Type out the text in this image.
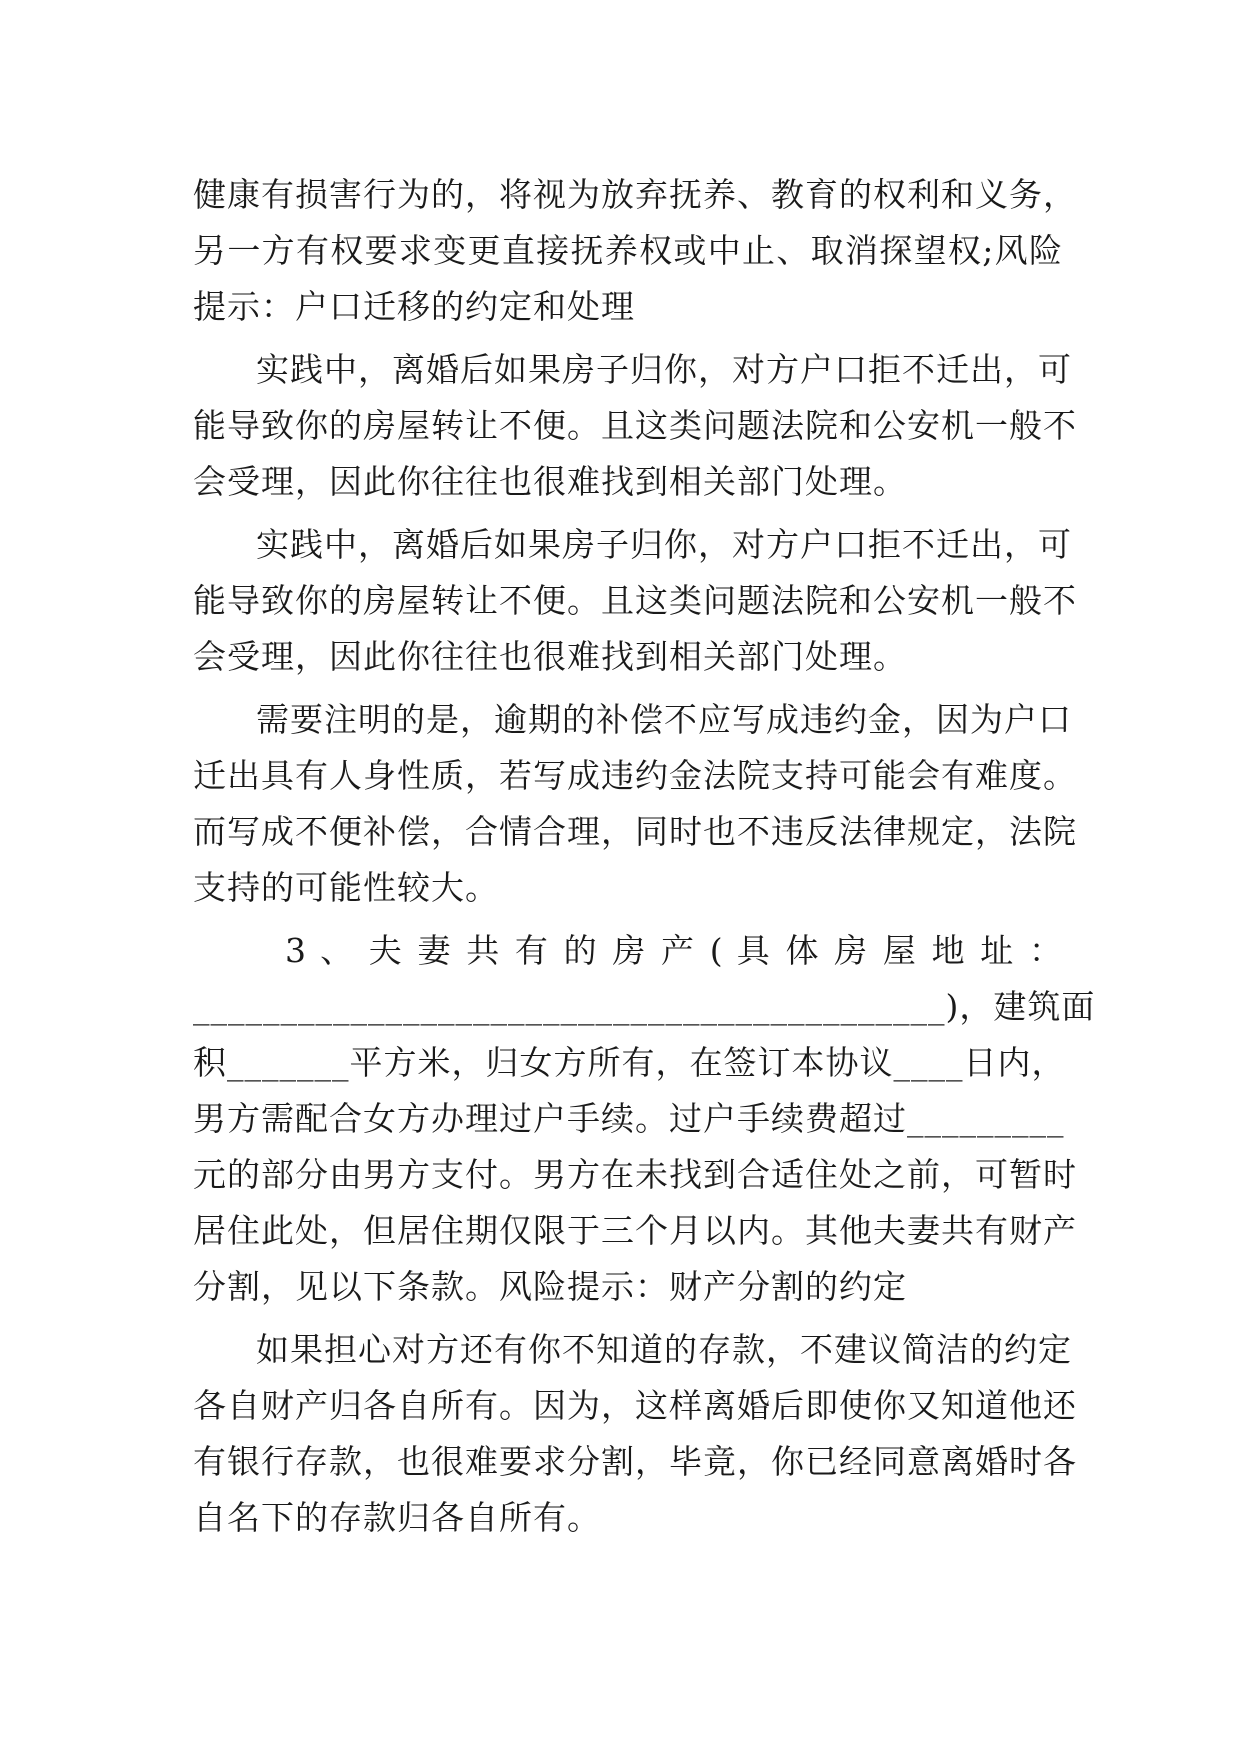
健康有损害行为的，将视为放弃抚养、教育的权利和义务，
另一方有权要求变更直接抚养权或中止、取消探望权;风险
提示：户口迁移的约定和处理
实践中，离婚后如果房子归你，对方户口拒不迁出，可
能导致你的房屋转让不便。且这类问题法院和公安机一般不
会受理，因此你往往也很难找到相关部门处理。
实践中，离婚后如果房子归你，对方户口拒不迁出，可
能导致你的房屋转让不便。且这类问题法院和公安机一般不
会受理，因此你往往也很难找到相关部门处理。
需要注明的是，逾期的补偿不应写成违约金，因为户口
迁出具有人身性质，若写成违约金法院支持可能会有难度。
而写成不便补偿，合情合理，同时也不违反法律规定，法院
支持的可能性较大。
3 、 夫 妻 共 有 的 房 产 ( 具 体 房 屋 地 址 ：
___________________________________________)，建筑面
积_______平方米，归女方所有，在签订本协议____日内，
男方需配合女方办理过户手续。过户手续费超过_________
元的部分由男方支付。男方在未找到合适住处之前，可暂时
居住此处，但居住期仅限于三个月以内。其他夫妻共有财产
分割，见以下条款。风险提示：财产分割的约定
如果担心对方还有你不知道的存款，不建议简洁的约定
各自财产归各自所有。因为，这样离婚后即使你又知道他还
有银行存款，也很难要求分割，毕竟，你已经同意离婚时各
自名下的存款归各自所有。
